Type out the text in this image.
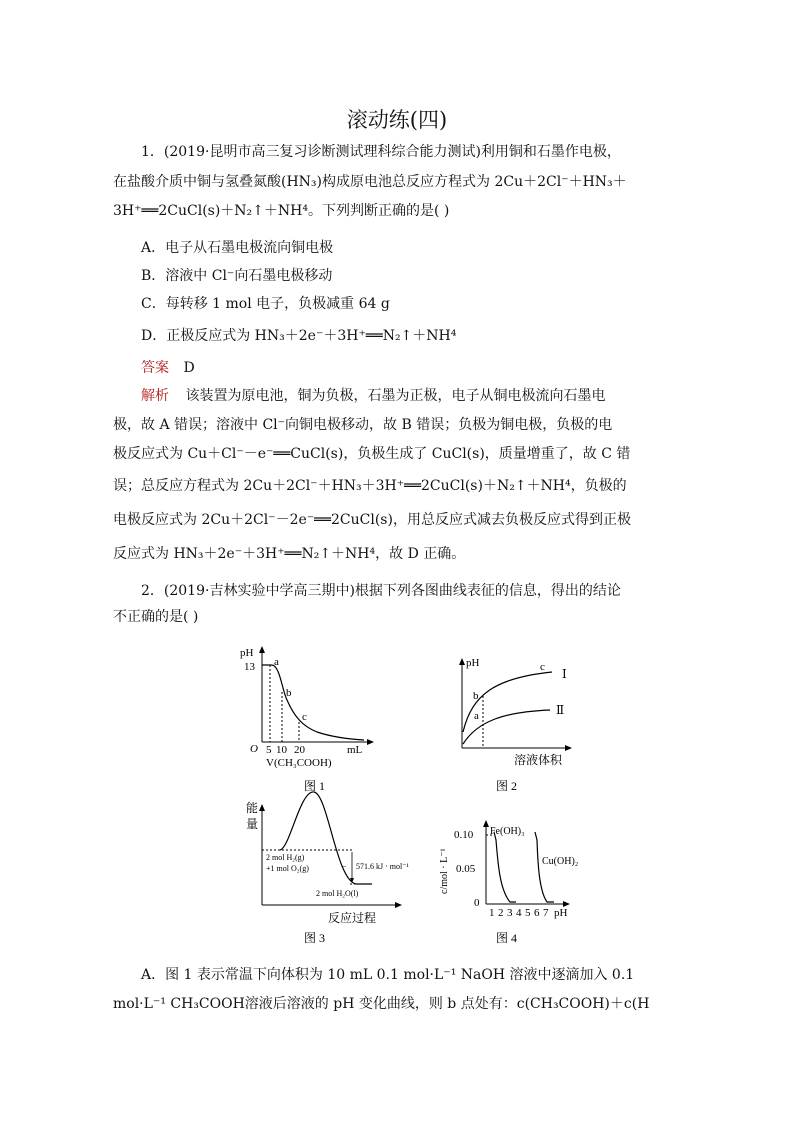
滚动练(四)
1．(2019·昆明市高三复习诊断测试理科综合能力测试)利用铜和石墨作电极，
在盐酸介质中铜与氢叠氮酸(HN₃)构成原电池总反应方程式为 2Cu＋2Cl⁻＋HN₃＋
3H⁺══2CuCl(s)＋N₂↑＋NH⁴。下列判断正确的是( )
A．电子从石墨电极流向铜电极
B．溶液中 Cl⁻向石墨电极移动
C．每转移 1 mol 电子，负极减重 64 g
D．正极反应式为 HN₃＋2e⁻＋3H⁺══N₂↑＋NH⁴
答案 D
解析 该装置为原电池，铜为负极，石墨为正极，电子从铜电极流向石墨电
极，故 A 错误；溶液中 Cl⁻向铜电极移动，故 B 错误；负极为铜电极，负极的电
极反应式为 Cu＋Cl⁻－e⁻══CuCl(s)，负极生成了 CuCl(s)，质量增重了，故 C 错
误；总反应方程式为 2Cu＋2Cl⁻＋HN₃＋3H⁺══2CuCl(s)＋N₂↑＋NH⁴，负极的
电极反应式为 2Cu＋2Cl⁻－2e⁻══2CuCl(s)，用总反应式减去负极反应式得到正极
反应式为 HN₃＋2e⁻＋3H⁺══N₂↑＋NH⁴，故 D 正确。
2．(2019·吉林实验中学高三期中)根据下列各图曲线表征的信息，得出的结论
不正确的是( )
pH
13
O
a
b
c
5 10 20	mL
V(CH₃COOH)
图 1
pH
b
a
c Ⅰ
Ⅱ
溶液体积
图 2
能
量
2 mol H₂(g)
+1 mol O₂(g)	− 571.6 kJ · mol⁻¹
2 mol H₂O(l)
反应过程
图 3
c/mol · L⁻¹
0.10
0.05
0
Fe(OH)₃
Cu(OH)₂
1 2 3 4 5 6 7 pH
图 4
A．图 1 表示常温下向体积为 10 mL 0.1 mol·L⁻¹ NaOH 溶液中逐滴加入 0.1
mol·L⁻¹ CH₃COOH溶液后溶液的 pH 变化曲线，则 b 点处有：c(CH₃COOH)＋c(H
